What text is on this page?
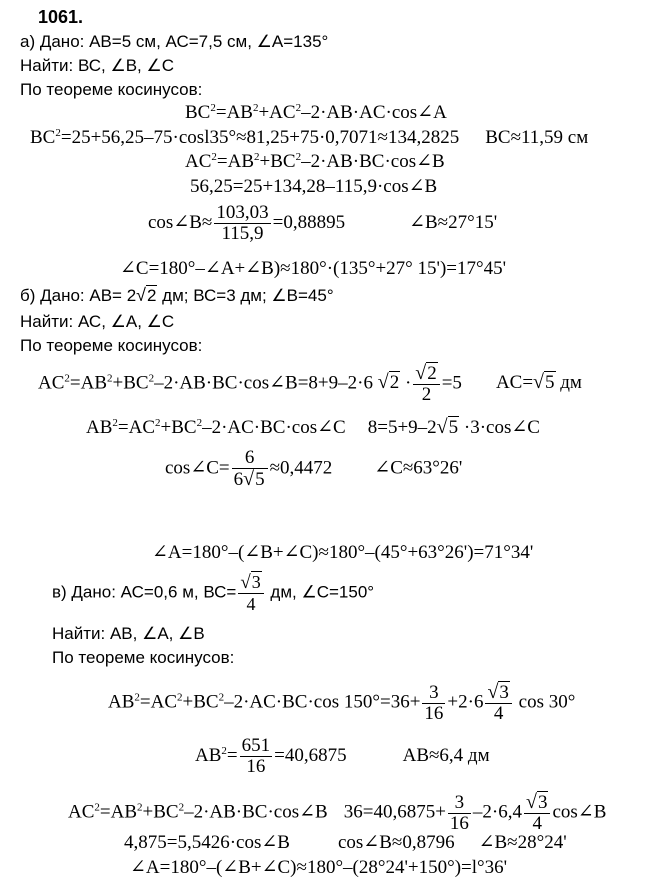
1061.
а) Дано: АВ=5 см, АС=7,5 см, ∠А=135°
Найти: ВС, ∠В, ∠С
По теореме косинусов:
$BC^2=AB^2+AC^2-2\cdot AB\cdot AC\cdot\cos\angle A$
$BC^2=25+56,25-75\cdot\cos l35^\circ\approx 81,25+75\cdot 0,7071\approx 134,2825$ BC≈11,59 см
$AC^2=AB^2+BC^2-2\cdot AB\cdot BC\cdot\cos\angle B$
56,25=25+134,28–115,9·cos∠B
cos∠B≈ $\frac{103,03}{115,9} =0,88895$	∠B≈27°15'
∠C=180°–∠A+∠B)≈180°·(135°+27° 15')=17°45'
б) Дано: АВ= 2√2 дм; ВС=3 дм; ∠В=45°
Найти: АС, ∠А, ∠С
По теореме косинусов:
$AC^2=AB^2+BC^2-2\cdot AB\cdot BC\cdot\cos\angle B=8+9-2\cdot 6$ $√2 \cdot \frac{√2}{2} =5$ AC=√5 дм
$AB^2=AC^2+BC^2-2\cdot AC\cdot BC\cdot\cos\angle C$ 8=5+9–2√5 ·3·cos∠C
cos∠C= $\frac{6}{6√5} \approx 0,4472$ ∠C≈63°26'
∠A=180°–(∠B+∠C)≈180°–(45°+63°26')=71°34'
в) Дано: АС=0,6 м, $ВС= \frac{√3}{4}$ дм, ∠С=150°
Найти: АВ, ∠А, ∠В
По теореме косинусов:
$AB^2=AC^2+BC^2-2\cdot AC\cdot BC\cdot\cos$ $150^\circ=36+ \frac{3}{16} +2\cdot 6 \frac{√3}{4}$ cos 30°
$AB^2= \frac{651}{16} =40,6875$	AB≈6,4 дм
$AC^2=AB^2+BC^2-2\cdot AB\cdot BC\cdot\cos\angle B$ $36=40,6875+ \frac{3}{16} -2\cdot 6,4 \frac{√3}{4}$ cos∠B
4,875=5,5426·cos∠B	cos∠B≈0,8796 ∠B≈28°24'
∠A=180°–(∠B+∠C)≈180°–(28°24'+150°)=l°36'
